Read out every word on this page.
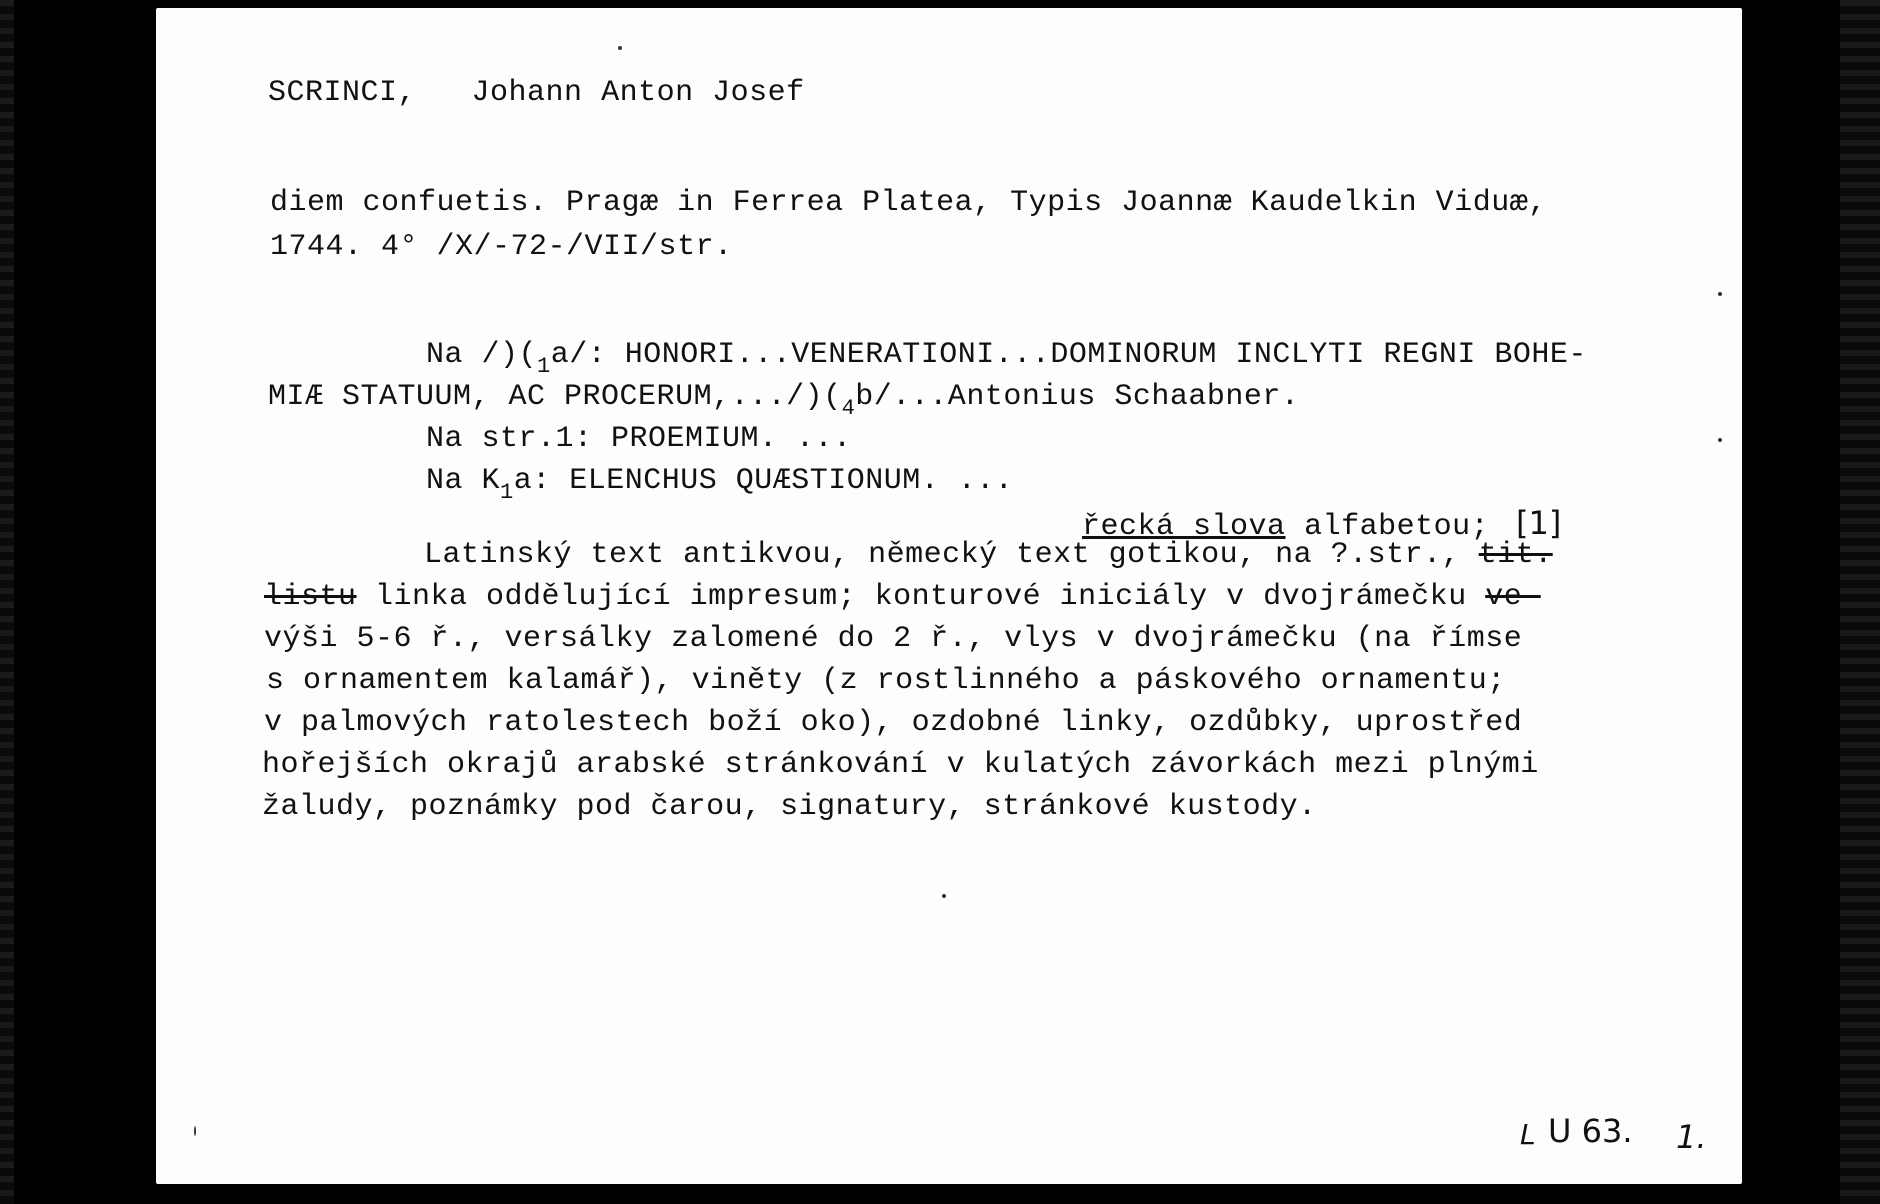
SCRINCI, Johann Anton Josef
diem confuetis. Pragæ in Ferrea Platea, Typis Joannæ Kaudelkin Viduæ,
1744. 4° /X/-72-/VII/str.
Na $/)(_1a/$: HONORI...VENERATIONI...DOMINORUM INCLYTI REGNI BOHE-
MIÆ STATUUM, AC $PROCERUM,.../)(_4b/...Antonius$ Schaabner.
Na str.1: PROEMIUM. ...
Na $K_1a$: ELENCHUS QUÆSTIONUM. ...
řecká slova alfabetou; [1]
Latinský text antikvou, německý text gotikou, na ?.str., tit.
listu linka oddělující impresum; konturové iniciály v dvojrámečku ve-
výši 5-6 ř., versálky zalomené do 2 ř., vlys v dvojrámečku (na římse
s ornamentem kalamář), viněty (z rostlinného a páskového ornamentu;
v palmových ratolestech boží oko), ozdobné linky, ozdůbky, uprostřed
hořejších okrajů arabské stránkování v kulatých závorkách mezi plnými
žaludy, poznámky pod čarou, signatury, stránkové kustody.
L U 63. 1.
